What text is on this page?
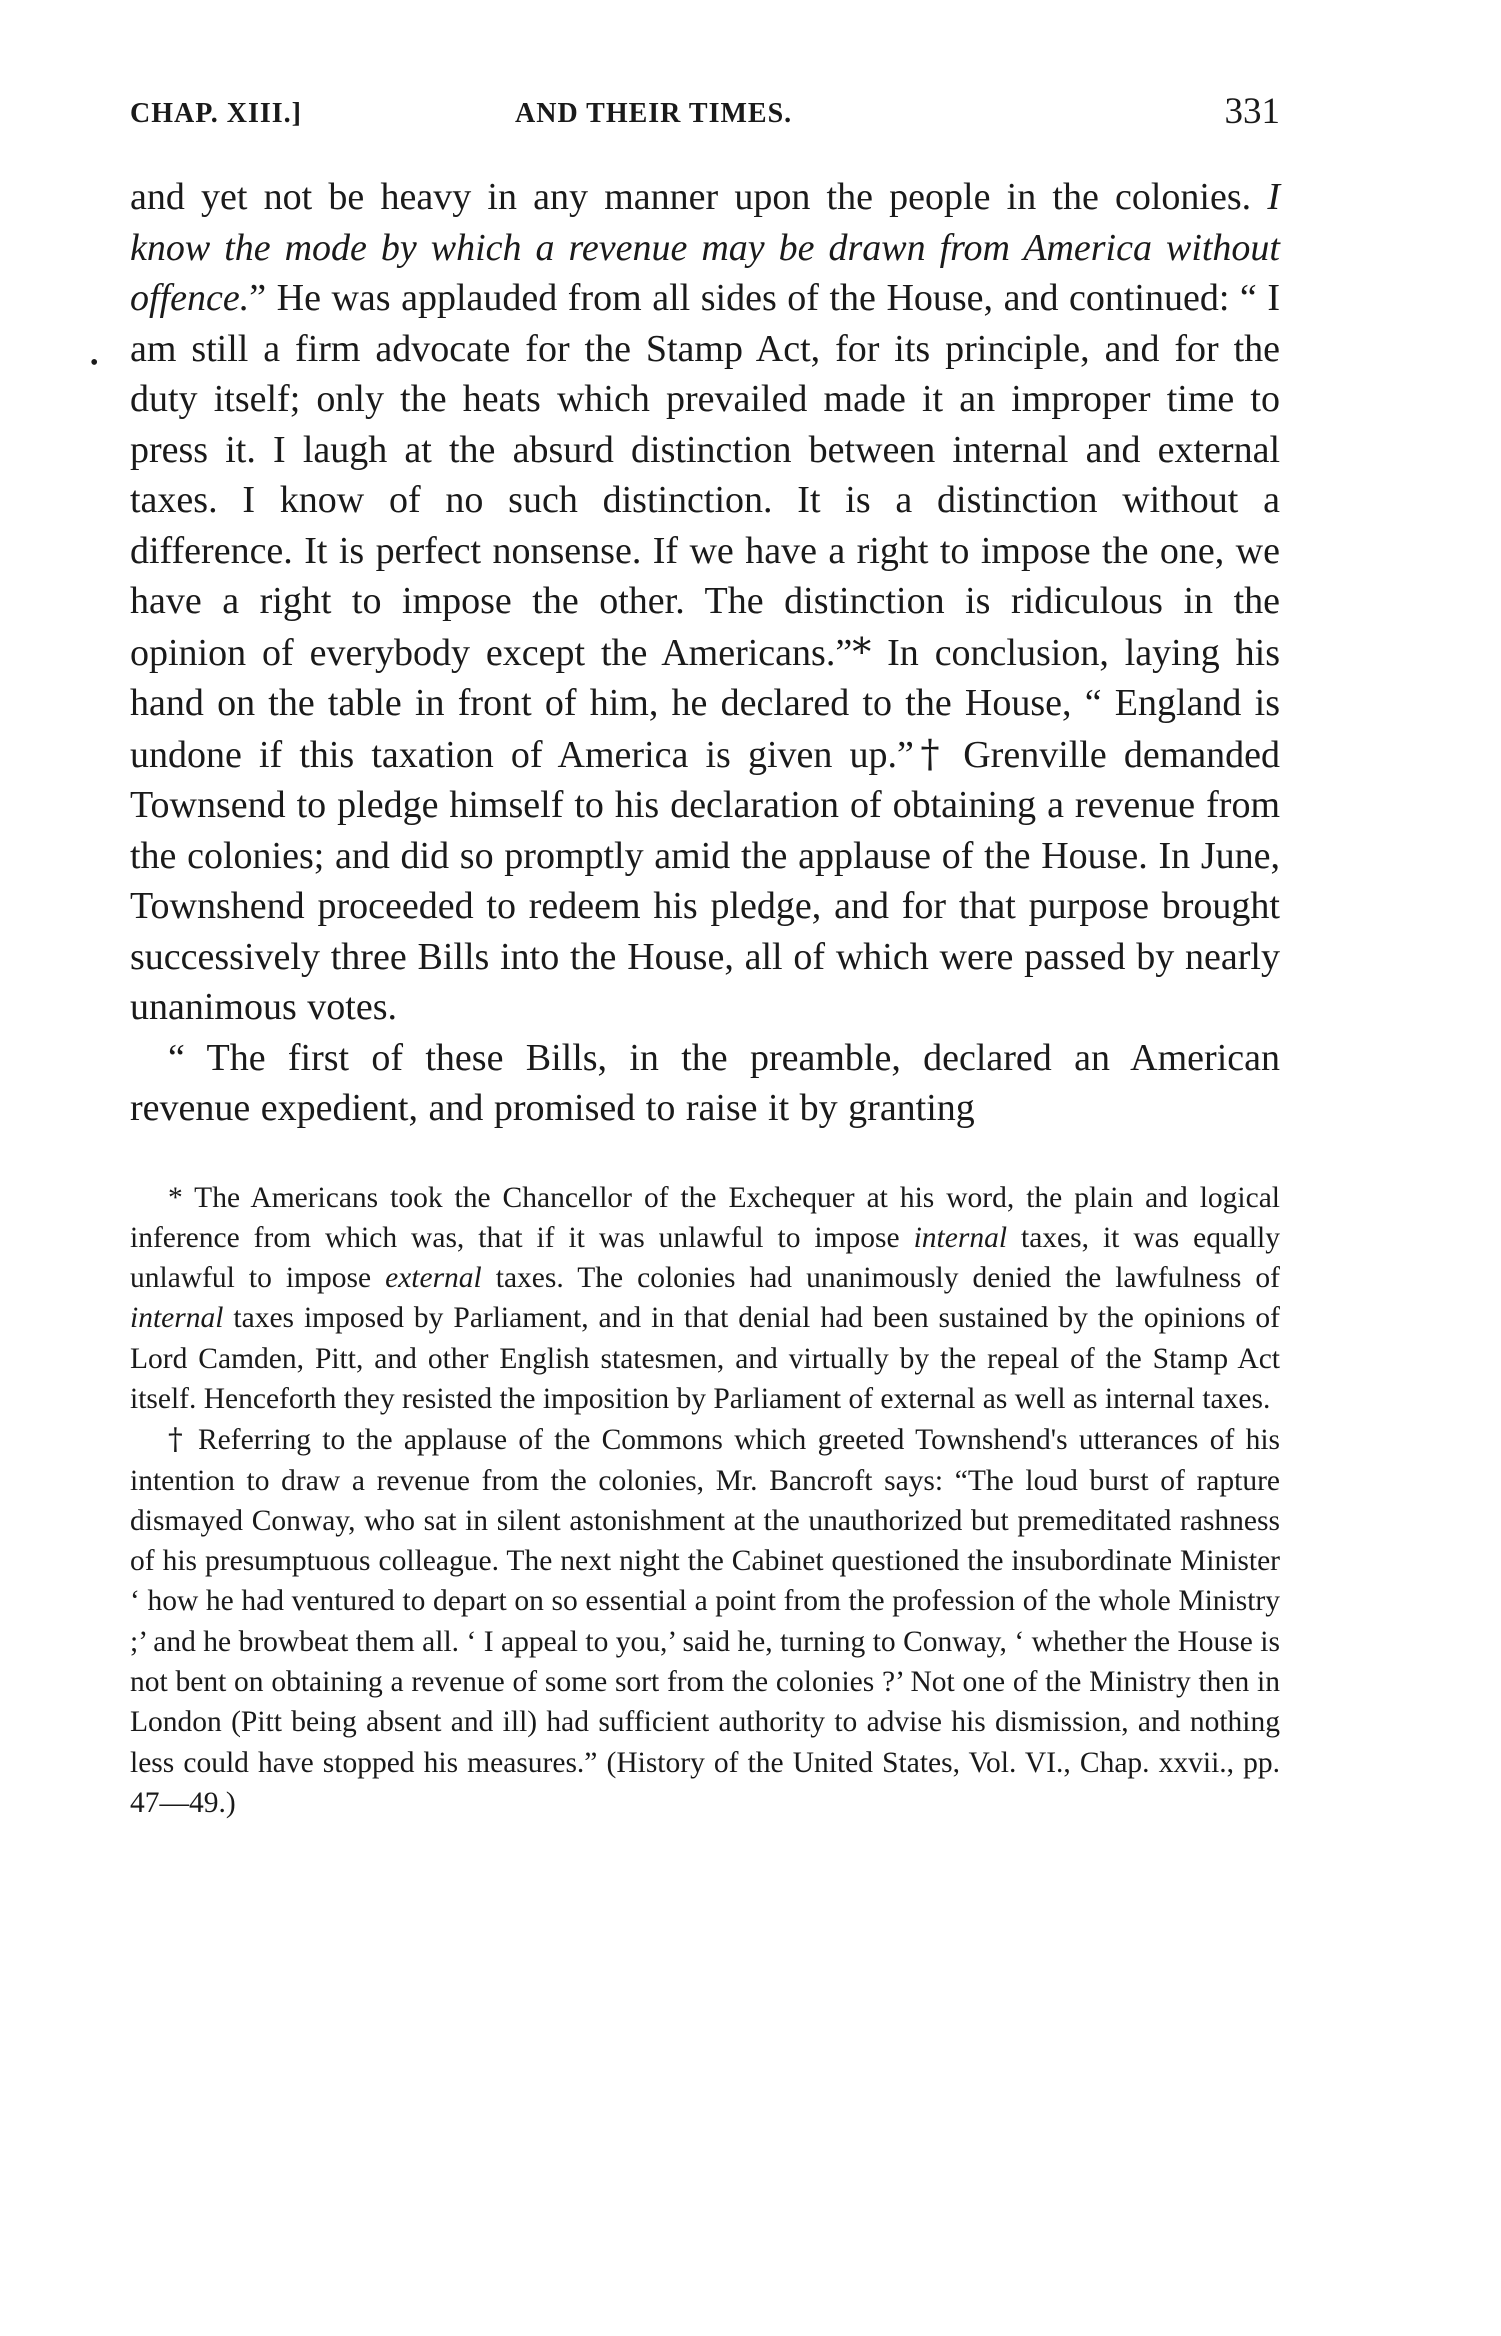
CHAP. XIII.]	AND THEIR TIMES.	331
•

and yet not be heavy in any manner upon the people in the colonies. I know the mode by which a revenue may be drawn from America without offence.” He was applauded from all sides of the House, and continued: “ I am still a firm advocate for the Stamp Act, for its principle, and for the duty itself; only the heats which prevailed made it an improper time to press it. I laugh at the absurd distinction between internal and external taxes. I know of no such distinction. It is a distinction without a difference. It is perfect nonsense. If we have a right to impose the one, we have a right to impose the other. The distinction is ridiculous in the opinion of everybody except the Americans.”* In conclusion, laying his hand on the table in front of him, he declared to the House, “ England is undone if this taxation of America is given up.”† Grenville demanded Townsend to pledge himself to his declaration of obtaining a revenue from the colonies; and did so promptly amid the applause of the House. In June, Townshend proceeded to redeem his pledge, and for that purpose brought successively three Bills into the House, all of which were passed by nearly unanimous votes.

“ The first of these Bills, in the preamble, declared an American revenue expedient, and promised to raise it by granting

* The Americans took the Chancellor of the Exchequer at his word, the plain and logical inference from which was, that if it was unlawful to impose internal taxes, it was equally unlawful to impose external taxes. The colonies had unanimously denied the lawfulness of internal taxes imposed by Parliament, and in that denial had been sustained by the opinions of Lord Camden, Pitt, and other English statesmen, and virtually by the repeal of the Stamp Act itself. Henceforth they resisted the imposition by Parliament of external as well as internal taxes.

† Referring to the applause of the Commons which greeted Townshend's utterances of his intention to draw a revenue from the colonies, Mr. Bancroft says: “The loud burst of rapture dismayed Conway, who sat in silent astonishment at the unauthorized but premeditated rashness of his presumptuous colleague. The next night the Cabinet questioned the insubordinate Minister ‘ how he had ventured to depart on so essential a point from the profession of the whole Ministry ;’ and he browbeat them all. ‘ I appeal to you,’ said he, turning to Conway, ‘ whether the House is not bent on obtaining a revenue of some sort from the colonies ?’ Not one of the Ministry then in London (Pitt being absent and ill) had sufficient authority to advise his dismission, and nothing less could have stopped his measures.” (History of the United States, Vol. VI., Chap. xxvii., pp. 47—49.)
